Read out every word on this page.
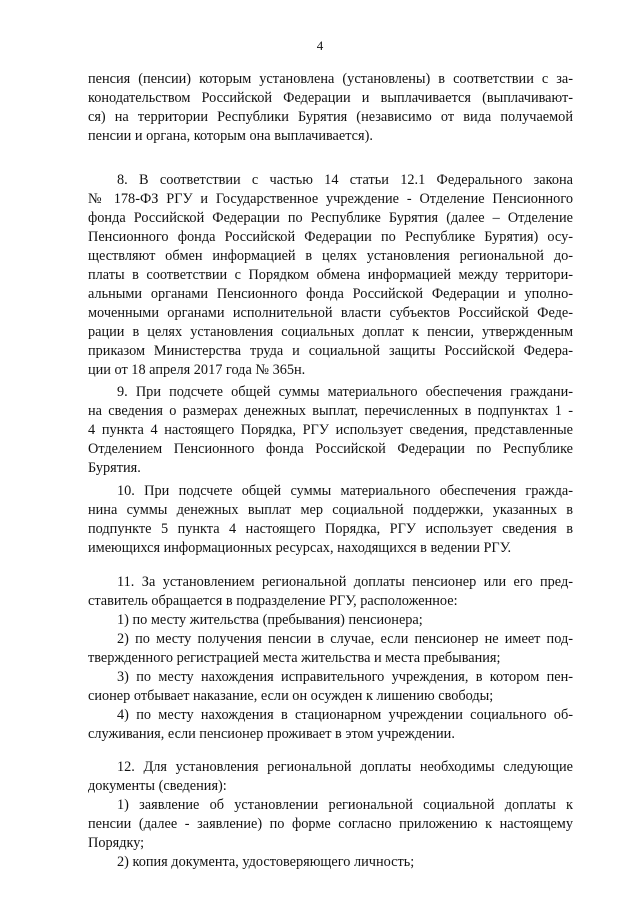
4
пенсия (пенсии) которым установлена (установлены) в соответствии с за-
конодательством Российской Федерации и выплачивается (выплачивают-
ся) на территории Республики Бурятия (независимо от вида получаемой
пенсии и органа, которым она выплачивается).
8. В соответствии с частью 14 статьи 12.1 Федерального закона
№ 178-ФЗ РГУ и Государственное учреждение - Отделение Пенсионного
фонда Российской Федерации по Республике Бурятия (далее – Отделение
Пенсионного фонда Российской Федерации по Республике Бурятия) осу-
ществляют обмен информацией в целях установления региональной до-
платы в соответствии с Порядком обмена информацией между территори-
альными органами Пенсионного фонда Российской Федерации и уполно-
моченными органами исполнительной власти субъектов Российской Феде-
рации в целях установления социальных доплат к пенсии, утвержденным
приказом Министерства труда и социальной защиты Российской Федера-
ции от 18 апреля 2017 года № 365н.
9. При подсчете общей суммы материального обеспечения граждани-
на сведения о размерах денежных выплат, перечисленных в подпунктах 1 -
4 пункта 4 настоящего Порядка, РГУ использует сведения, представленные
Отделением Пенсионного фонда Российской Федерации по Республике
Бурятия.
10. При подсчете общей суммы материального обеспечения гражда-
нина суммы денежных выплат мер социальной поддержки, указанных в
подпункте 5 пункта 4 настоящего Порядка, РГУ использует сведения в
имеющихся информационных ресурсах, находящихся в ведении РГУ.
11. За установлением региональной доплаты пенсионер или его пред-
ставитель обращается в подразделение РГУ, расположенное:
1) по месту жительства (пребывания) пенсионера;
2) по месту получения пенсии в случае, если пенсионер не имеет под-
твержденного регистрацией места жительства и места пребывания;
3) по месту нахождения исправительного учреждения, в котором пен-
сионер отбывает наказание, если он осужден к лишению свободы;
4) по месту нахождения в стационарном учреждении социального об-
служивания, если пенсионер проживает в этом учреждении.
12. Для установления региональной доплаты необходимы следующие
документы (сведения):
1) заявление об установлении региональной социальной доплаты к
пенсии (далее - заявление) по форме согласно приложению к настоящему
Порядку;
2) копия документа, удостоверяющего личность;
